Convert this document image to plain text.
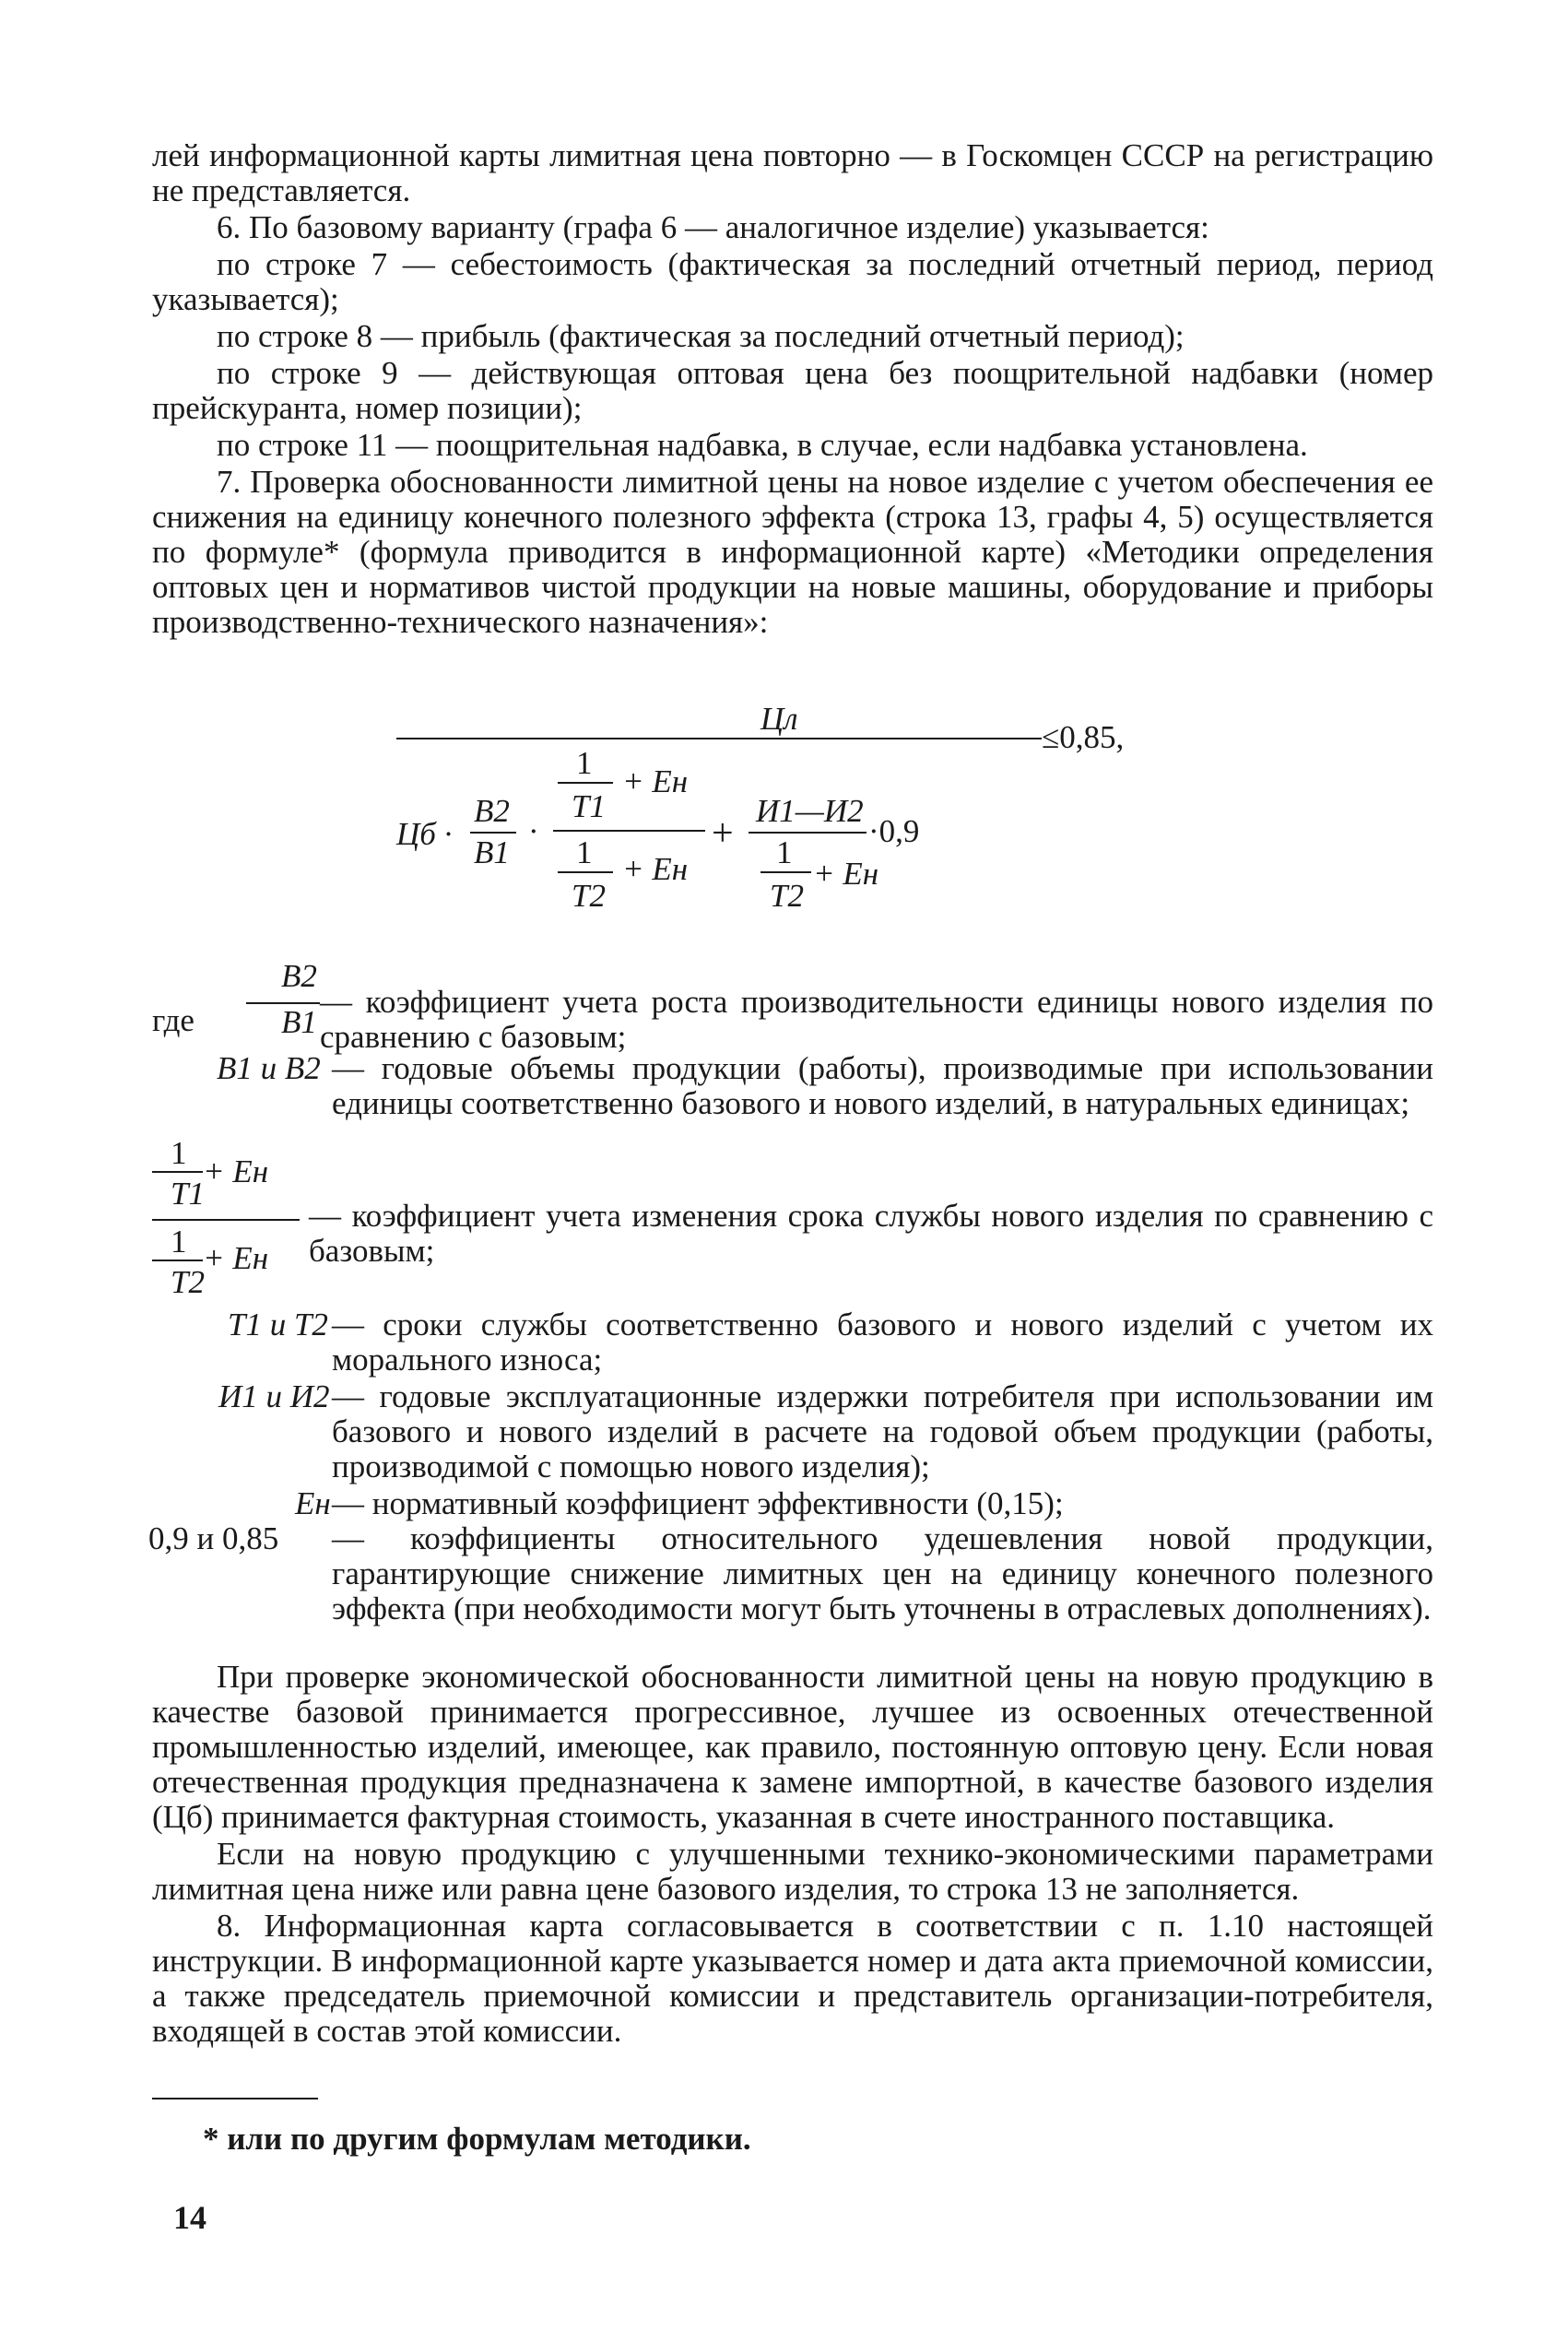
лей информационной карты лимитная цена повторно — в Госкомцен СССР на регистрацию не представляется.

6. По базовому варианту (графа 6 — аналогичное изделие) указывается:

по строке 7 — себестоимость (фактическая за последний отчетный период, период указывается);

по строке 8 — прибыль (фактическая за последний отчетный период);

по строке 9 — действующая оптовая цена без поощрительной надбавки (номер прейскуранта, номер позиции);

по строке 11 — поощрительная надбавка, в случае, если надбавка установлена.

7. Проверка обоснованности лимитной цены на новое изделие с учетом обеспечения ее снижения на единицу конечного полезного эффекта (строка 13, графы 4, 5) осуществляется по формуле* (формула приводится в информационной карте) «Методики определения оптовых цен и нормативов чистой продукции на новые машины, оборудование и приборы производственно-технического назначения»:

Цл
≤0,85,
Цб ·
В2
В1
·
1
Т1
+ Ен
1
Т2
+ Ен
+
И1—И2
1
Т2
+ Ен
·0,9
где
В2
В1
— коэффициент учета роста производительности единицы нового изделия по сравнению с базовым;
В1 и В2 — годовые объемы продукции (работы), производимые при использовании единицы соответственно базового и нового изделий, в натуральных единицах;
1
Т1
+ Ен
1
Т2
+ Ен
— коэффициент учета изменения срока службы нового изделия по сравнению с базовым;
Т1 и Т2 — сроки службы соответственно базового и нового изделий с учетом их морального износа;
И1 и И2 — годовые эксплуатационные издержки потребителя при использовании им базового и нового изделий в расчете на годовой объем продукции (работы, производимой с помощью нового изделия);
Ен — нормативный коэффициент эффективности (0,15);
0,9 и 0,85 — коэффициенты относительного удешевления новой продукции, гарантирующие снижение лимитных цен на единицу конечного полезного эффекта (при необходимости могут быть уточнены в отраслевых дополнениях).

При проверке экономической обоснованности лимитной цены на новую продукцию в качестве базовой принимается прогрессивное, лучшее из освоенных отечественной промышленностью изделий, имеющее, как правило, постоянную оптовую цену. Если новая отечественная продукция предназначена к замене импортной, в качестве базового изделия (Цб) принимается фактурная стоимость, указанная в счете иностранного поставщика.

Если на новую продукцию с улучшенными технико-экономическими параметрами лимитная цена ниже или равна цене базового изделия, то строка 13 не заполняется.

8. Информационная карта согласовывается в соответствии с п. 1.10 настоящей инструкции. В информационной карте указывается номер и дата акта приемочной комиссии, а также председатель приемочной комиссии и представитель организации-потребителя, входящей в состав этой комиссии.

* или по другим формулам методики.
14
